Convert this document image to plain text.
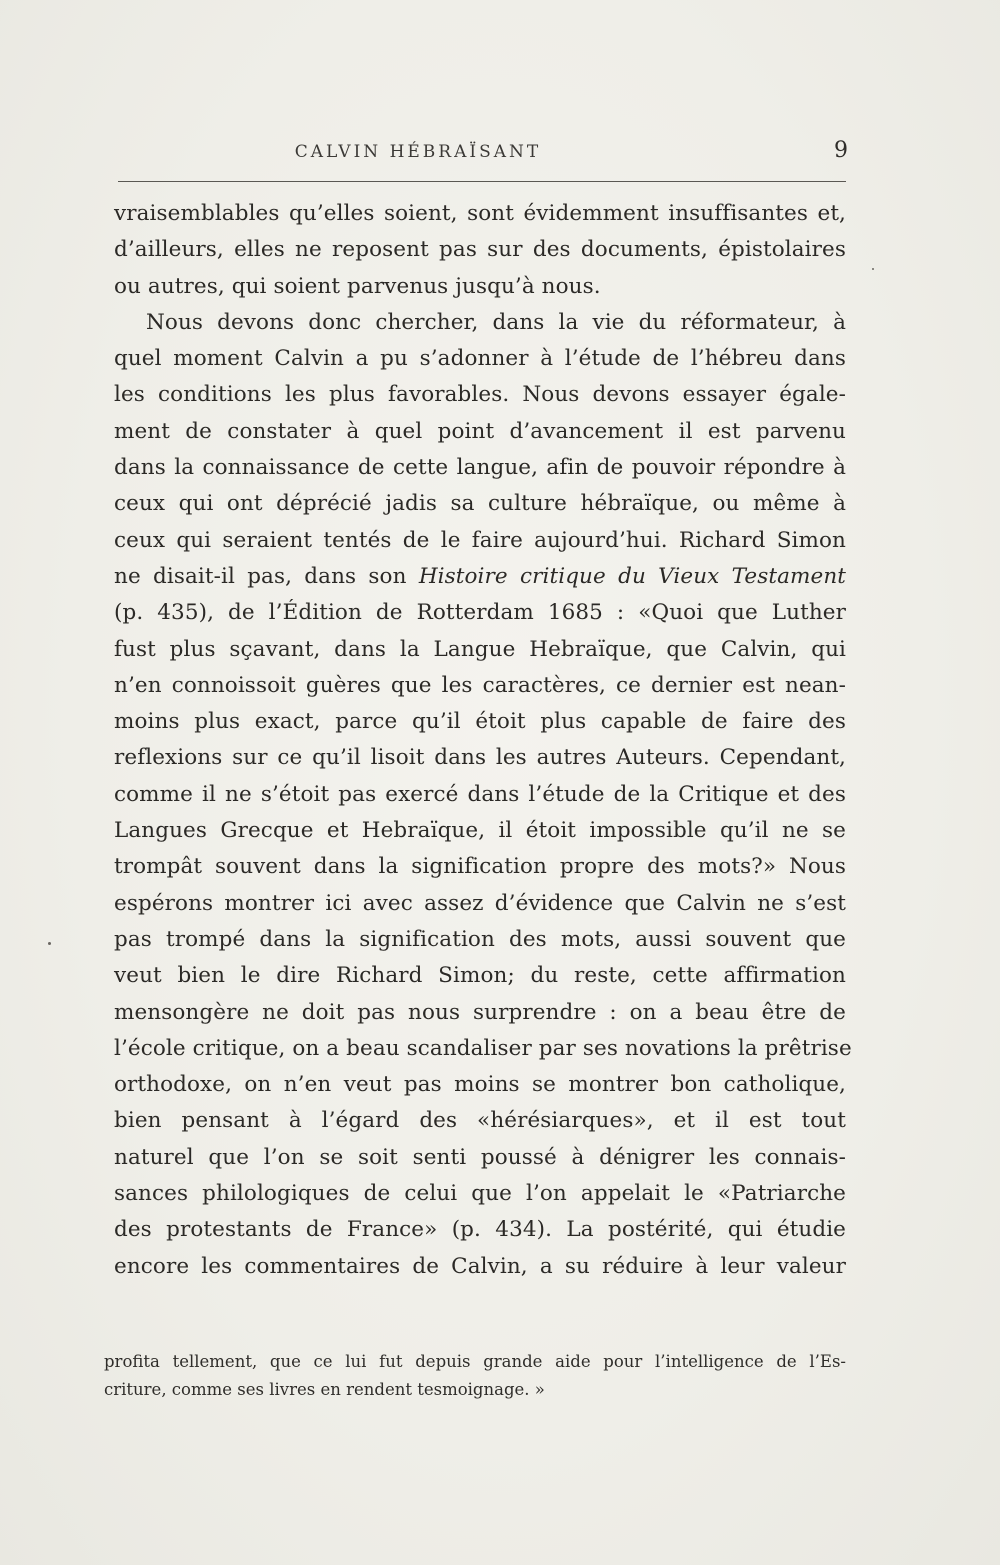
CALVIN HÉBRAÏSANT	9
vraisemblables qu’elles soient, sont évidemment insuffisantes et,
d’ailleurs, elles ne reposent pas sur des documents, épistolaires
ou autres, qui soient parvenus jusqu’à nous.
Nous devons donc chercher, dans la vie du réformateur, à
quel moment Calvin a pu s’adonner à l’étude de l’hébreu dans
les conditions les plus favorables. Nous devons essayer égale-
ment de constater à quel point d’avancement il est parvenu
dans la connaissance de cette langue, afin de pouvoir répondre à
ceux qui ont déprécié jadis sa culture hébraïque, ou même à
ceux qui seraient tentés de le faire aujourd’hui. Richard Simon
ne disait-il pas, dans son Histoire critique du Vieux Testament
(p. 435), de l’Édition de Rotterdam 1685 : «Quoi que Luther
fust plus sçavant, dans la Langue Hebraïque, que Calvin, qui
n’en connoissoit guères que les caractères, ce dernier est nean-
moins plus exact, parce qu’il étoit plus capable de faire des
reflexions sur ce qu’il lisoit dans les autres Auteurs. Cependant,
comme il ne s’étoit pas exercé dans l’étude de la Critique et des
Langues Grecque et Hebraïque, il étoit impossible qu’il ne se
trompât souvent dans la signification propre des mots?» Nous
espérons montrer ici avec assez d’évidence que Calvin ne s’est
pas trompé dans la signification des mots, aussi souvent que
veut bien le dire Richard Simon; du reste, cette affirmation
mensongère ne doit pas nous surprendre : on a beau être de
l’école critique, on a beau scandaliser par ses novations la prêtrise
orthodoxe, on n’en veut pas moins se montrer bon catholique,
bien pensant à l’égard des «hérésiarques», et il est tout
naturel que l’on se soit senti poussé à dénigrer les connais-
sances philologiques de celui que l’on appelait le «Patriarche
des protestants de France» (p. 434). La postérité, qui étudie
encore les commentaires de Calvin, a su réduire à leur valeur
profita tellement, que ce lui fut depuis grande aide pour l’intelligence de l’Es-
criture, comme ses livres en rendent tesmoignage. »
